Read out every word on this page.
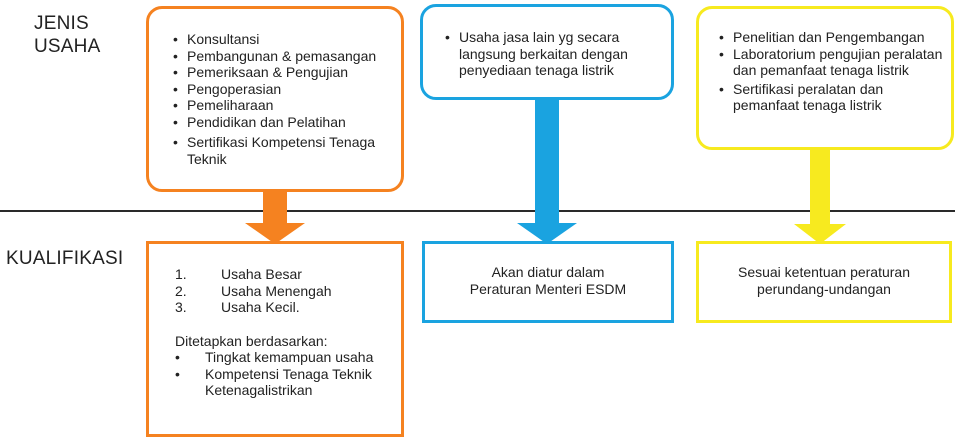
JENIS
USAHA
KUALIFIKASI
• Konsultansi
• Pembangunan & pemasangan
• Pemeriksaan & Pengujian
• Pengoperasian
• Pemeliharaan
• Pendidikan dan Pelatihan
• Sertifikasi Kompetensi Tenaga Teknik
• Usaha jasa lain yg secara langsung berkaitan dengan penyediaan tenaga listrik
• Penelitian dan Pengembangan
• Laboratorium pengujian peralatan dan pemanfaat tenaga listrik
• Sertifikasi peralatan dan pemanfaat tenaga listrik
1.	Usaha Besar
2.	Usaha Menengah
3.	Usaha Kecil.
Ditetapkan berdasarkan:
•	Tingkat kemampuan usaha
•	Kompetensi Tenaga Teknik
Ketenagalistrikan
Akan diatur dalam
Peraturan Menteri ESDM
Sesuai ketentuan peraturan
perundang-undangan
